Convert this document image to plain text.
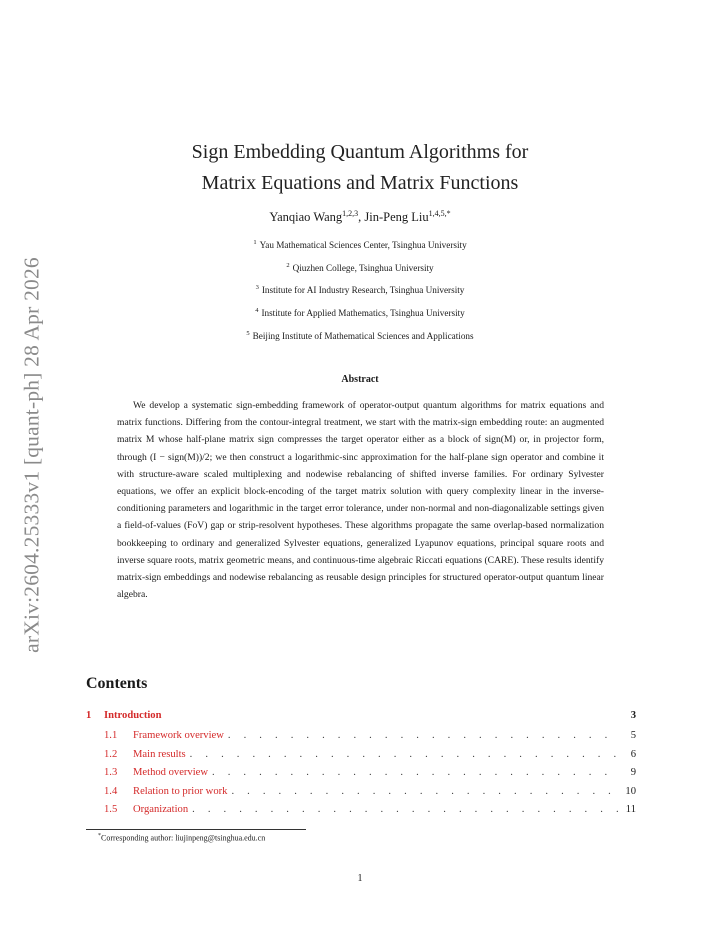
arXiv:2604.25333v1 [quant-ph] 28 Apr 2026
Sign Embedding Quantum Algorithms for
Matrix Equations and Matrix Functions
Yanqiao Wang$^{1,2,3}$, Jin-Peng Liu$^{1,4,5,*}$
$^1$ Yau Mathematical Sciences Center, Tsinghua University
$^2$ Qiuzhen College, Tsinghua University
$^3$ Institute for AI Industry Research, Tsinghua University
$^4$ Institute for Applied Mathematics, Tsinghua University
$^5$ Beijing Institute of Mathematical Sciences and Applications
Abstract

We develop a systematic sign-embedding framework of operator-output quantum algorithms for matrix equations and matrix functions. Differing from the contour-integral treatment, we start with the matrix-sign embedding route: an augmented matrix M whose half-plane matrix sign compresses the target operator either as a block of sign(M) or, in projector form, through (I − sign(M))/2; we then construct a logarithmic-sinc approximation for the half-plane sign operator and combine it with structure-aware scaled multiplexing and nodewise rebalancing of shifted inverse families. For ordinary Sylvester equations, we offer an explicit block-encoding of the target matrix solution with query complexity linear in the inverse-conditioning parameters and logarithmic in the target error tolerance, under non-normal and non-diagonalizable settings given a field-of-values (FoV) gap or strip-resolvent hypotheses. These algorithms propagate the same overlap-based normalization bookkeeping to ordinary and generalized Sylvester equations, generalized Lyapunov equations, principal square roots and inverse square roots, matrix geometric means, and continuous-time algebraic Riccati equations (CARE). These results identify matrix-sign embeddings and nodewise rebalancing as reusable design principles for structured operator-output quantum linear algebra.

Contents
1	Introduction	3
1.1	Framework overview . . .	5
1.2	Main results . . .	6
1.3	Method overview . . .	9
1.4	Relation to prior work . . .	10
1.5	Organization . . .	11
*Corresponding author: liujinpeng@tsinghua.edu.cn
1
